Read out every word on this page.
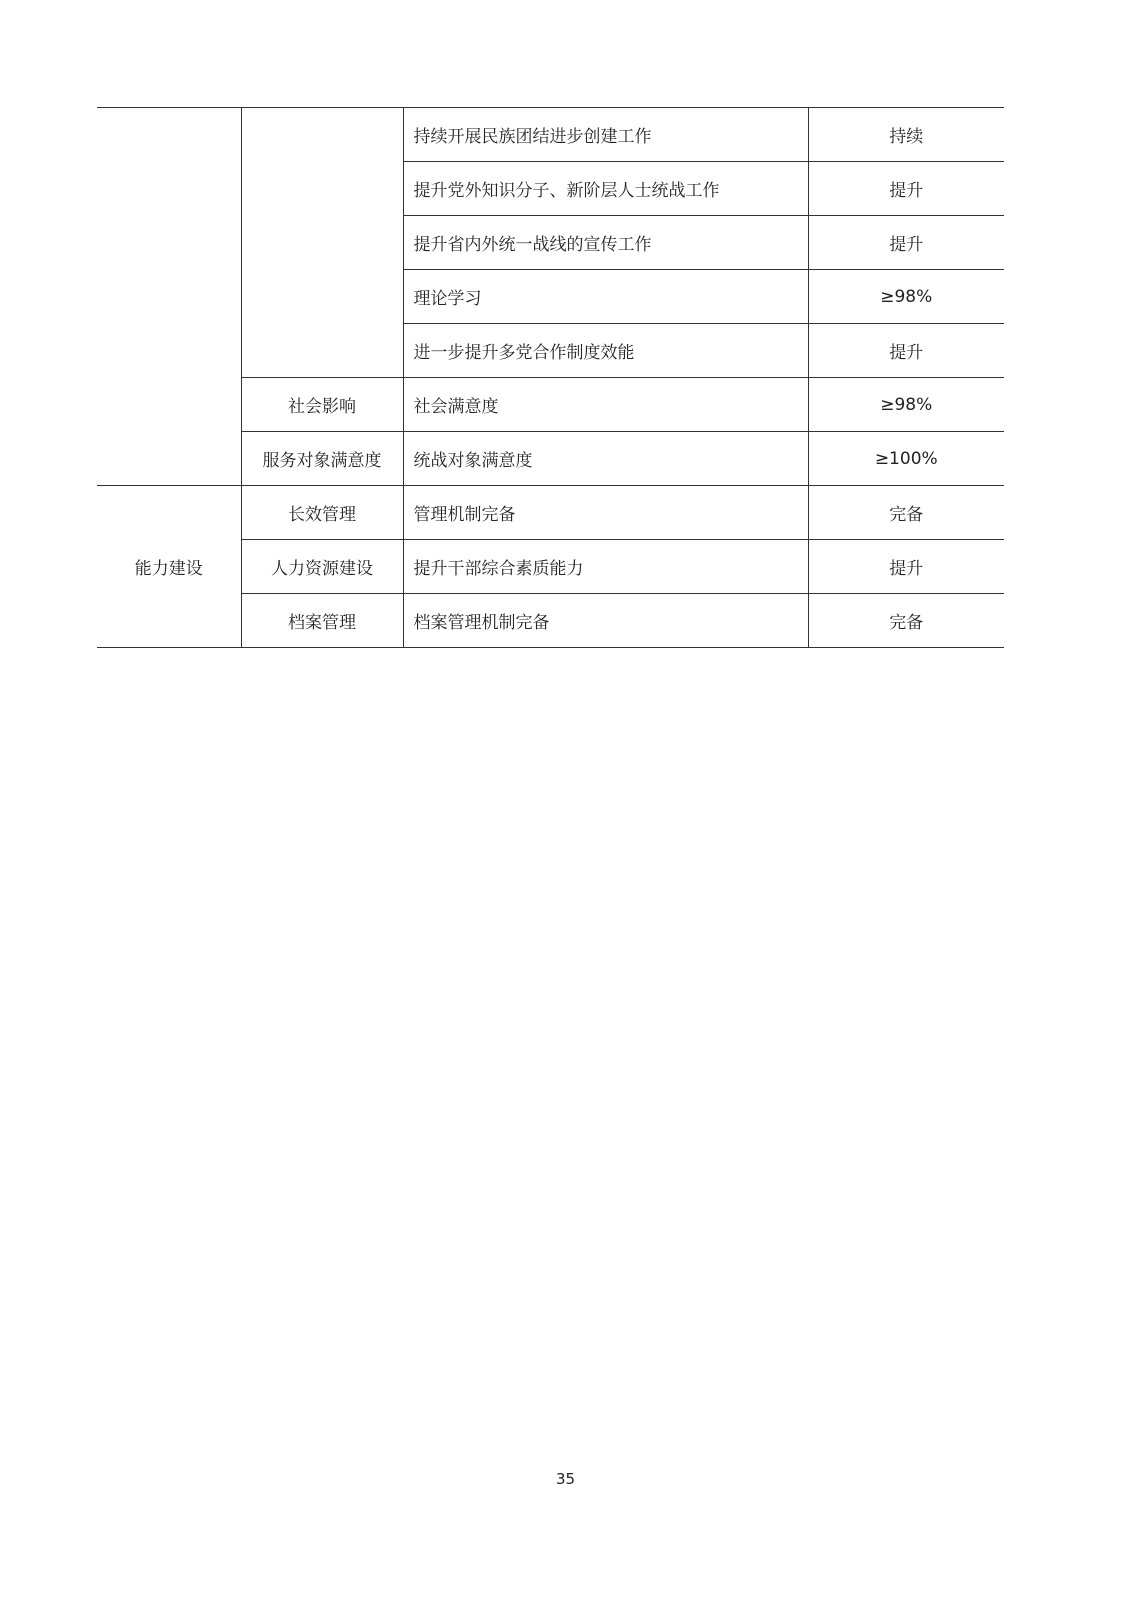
		持续开展民族团结进步创建工作	持续
		提升党外知识分子、新阶层人士统战工作	提升
		提升省内外统一战线的宣传工作	提升
		理论学习	≥98%
		进一步提升多党合作制度效能	提升
	社会影响	社会满意度	≥98%
	服务对象满意度	统战对象满意度	≥100%
能力建设	长效管理	管理机制完备	完备
	人力资源建设	提升干部综合素质能力	提升
	档案管理	档案管理机制完备	完备
35
